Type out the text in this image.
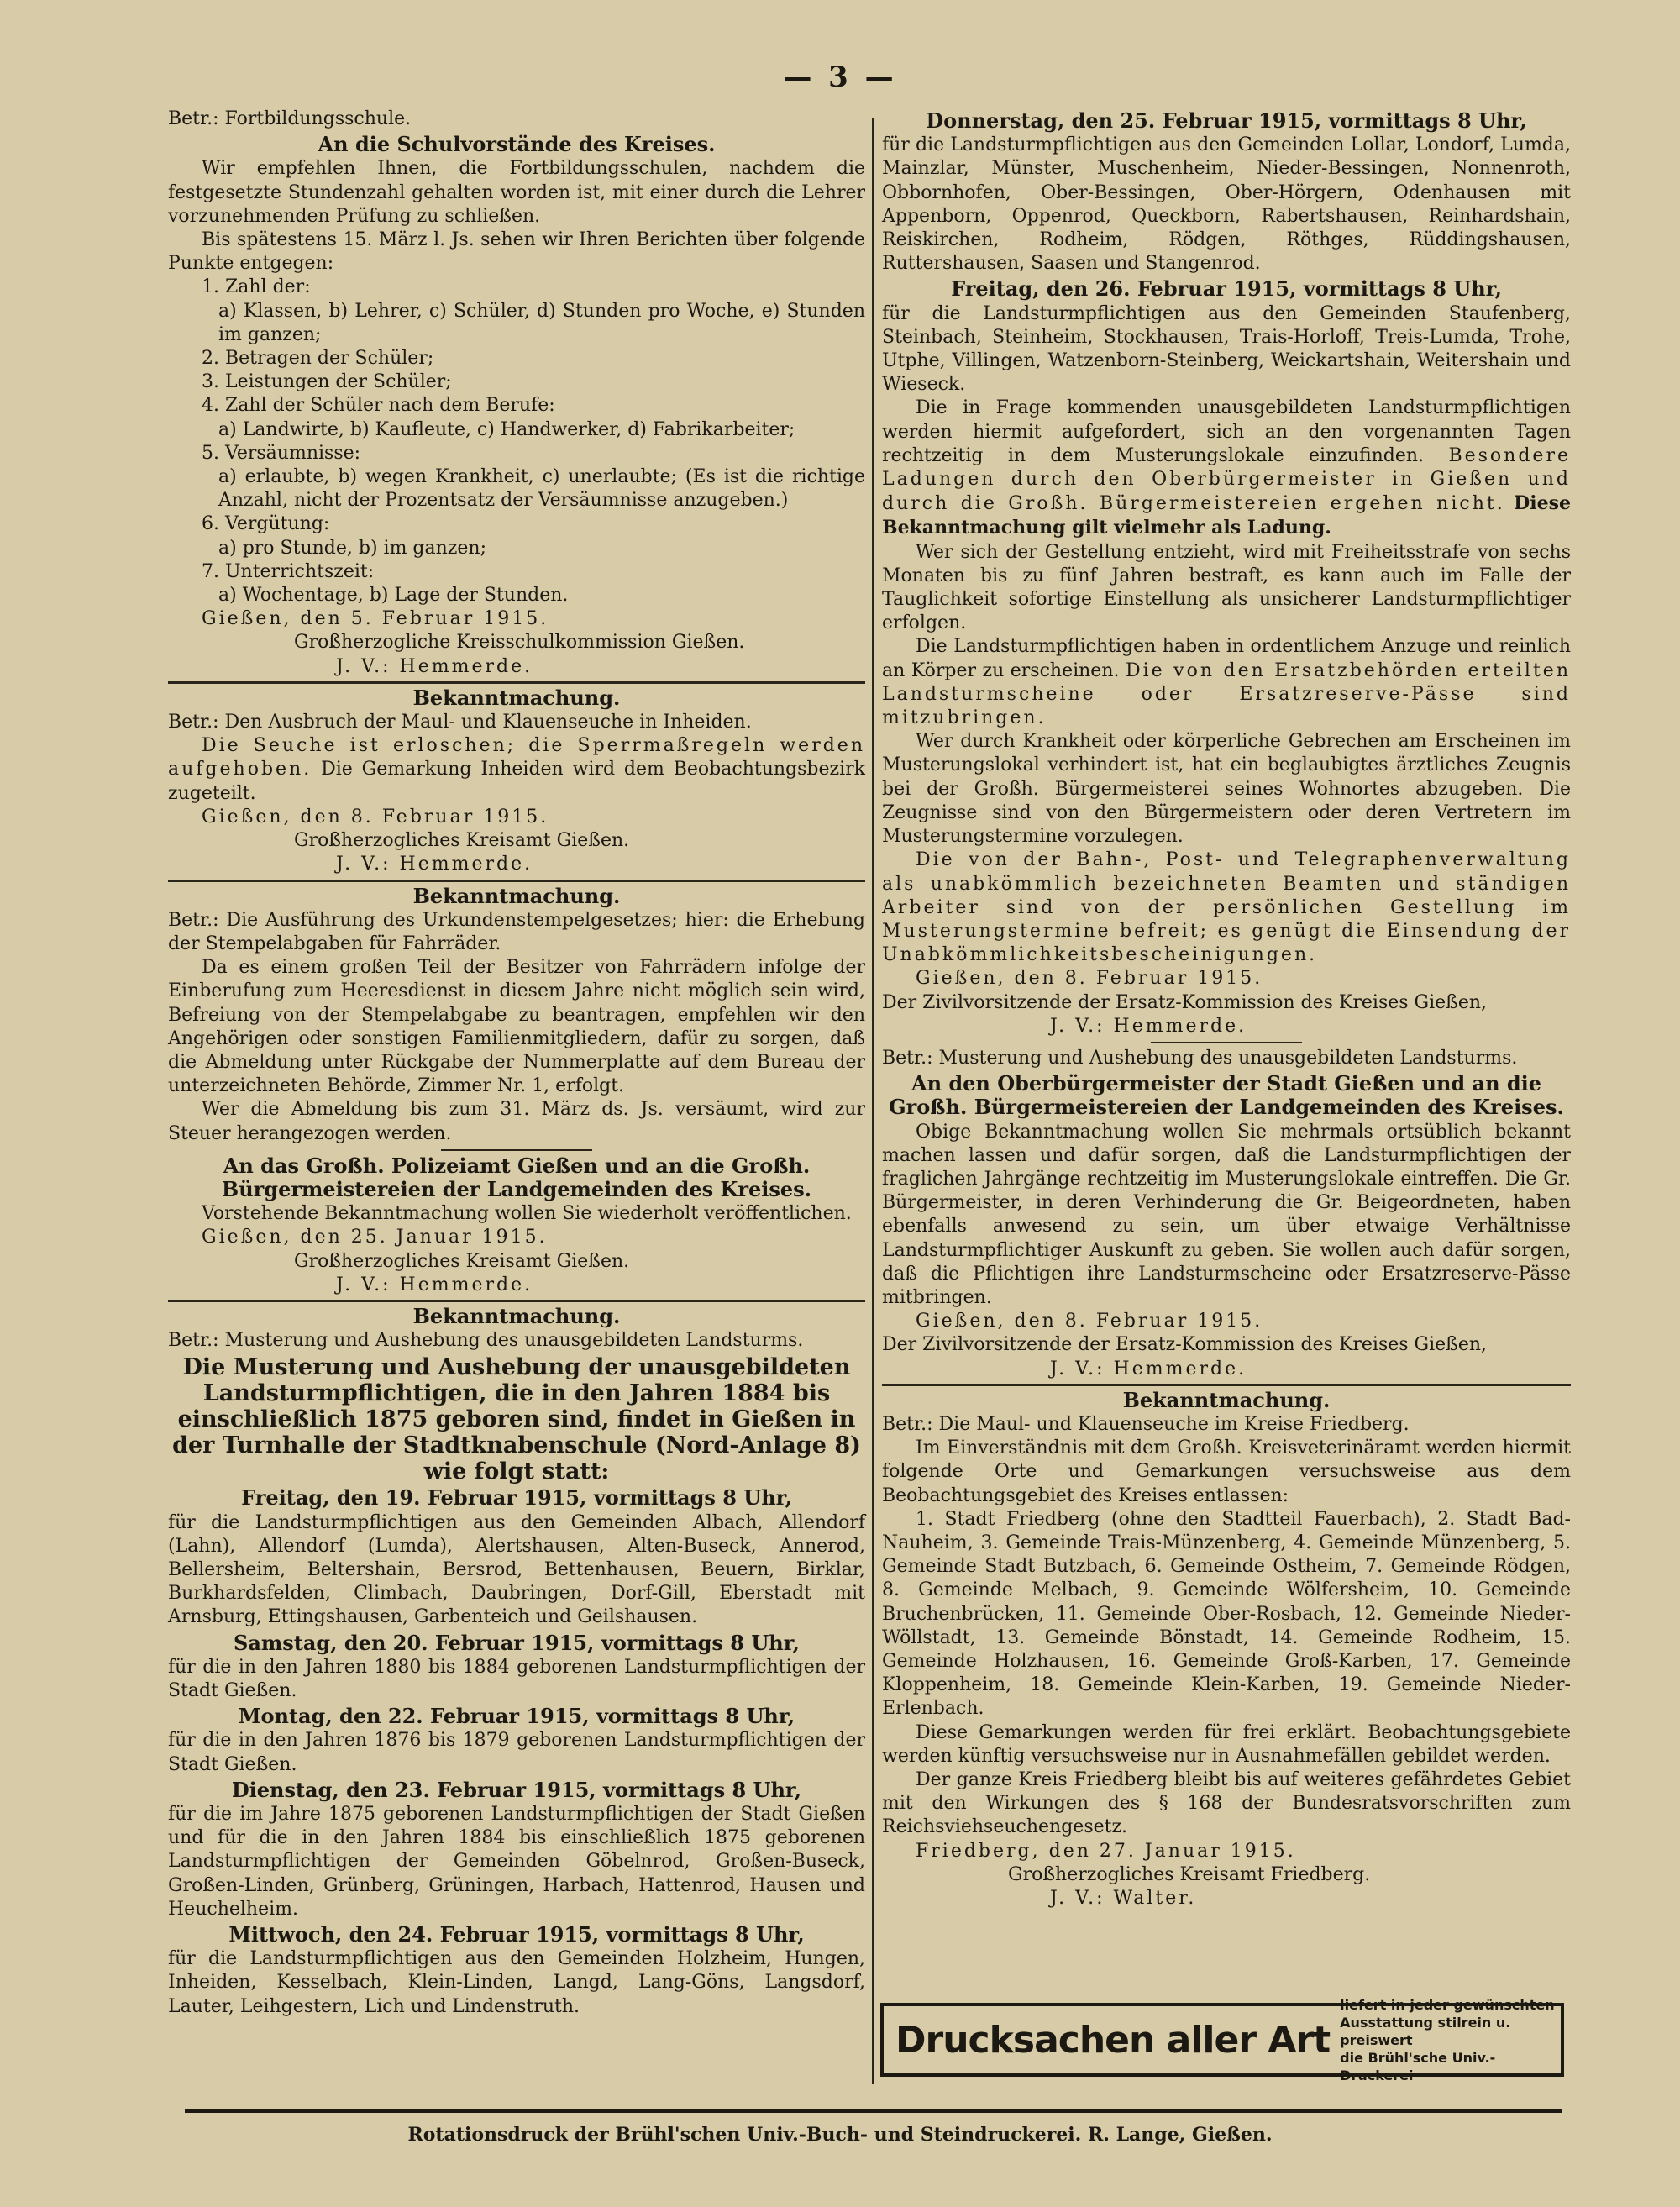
— 3 —

Betr.: Fortbildungsschule.

An die Schulvorstände des Kreises.

Wir empfehlen Ihnen, die Fortbildungsschulen, nachdem die festgesetzte Stundenzahl gehalten worden ist, mit einer durch die Lehrer vorzunehmenden Prüfung zu schließen.

Bis spätestens 15. März l. Js. sehen wir Ihren Berichten über folgende Punkte entgegen:

1. Zahl der:

a) Klassen, b) Lehrer, c) Schüler, d) Stunden pro Woche, e) Stunden im ganzen;

2. Betragen der Schüler;

3. Leistungen der Schüler;

4. Zahl der Schüler nach dem Berufe:

a) Landwirte, b) Kaufleute, c) Handwerker, d) Fabrikarbeiter;

5. Versäumnisse:

a) erlaubte, b) wegen Krankheit, c) unerlaubte; (Es ist die richtige Anzahl, nicht der Prozentsatz der Versäumnisse anzugeben.)

6. Vergütung:

a) pro Stunde, b) im ganzen;

7. Unterrichtszeit:

a) Wochentage, b) Lage der Stunden.

Gießen, den 5. Februar 1915.

Großherzogliche Kreisschulkommission Gießen.

J. V.: Hemmerde.

Bekanntmachung.

Betr.: Den Ausbruch der Maul- und Klauenseuche in Inheiden.

Die Seuche ist erloschen; die Sperrmaßregeln werden aufgehoben. Die Gemarkung Inheiden wird dem Beobachtungsbezirk zugeteilt.

Gießen, den 8. Februar 1915.

Großherzogliches Kreisamt Gießen.

J. V.: Hemmerde.

Bekanntmachung.

Betr.: Die Ausführung des Urkundenstempelgesetzes; hier: die Erhebung der Stempelabgaben für Fahrräder.

Da es einem großen Teil der Besitzer von Fahrrädern infolge der Einberufung zum Heeresdienst in diesem Jahre nicht möglich sein wird, Befreiung von der Stempelabgabe zu beantragen, empfehlen wir den Angehörigen oder sonstigen Familienmitgliedern, dafür zu sorgen, daß die Abmeldung unter Rückgabe der Nummerplatte auf dem Bureau der unterzeichneten Behörde, Zimmer Nr. 1, erfolgt.

Wer die Abmeldung bis zum 31. März ds. Js. versäumt, wird zur Steuer herangezogen werden.

An das Großh. Polizeiamt Gießen und an die Großh. Bürgermeistereien der Landgemeinden des Kreises.

Vorstehende Bekanntmachung wollen Sie wiederholt veröffentlichen.

Gießen, den 25. Januar 1915.

Großherzogliches Kreisamt Gießen.

J. V.: Hemmerde.

Bekanntmachung.

Betr.: Musterung und Aushebung des unausgebildeten Landsturms.

Die Musterung und Aushebung der unausgebildeten Landsturmpflichtigen, die in den Jahren 1884 bis einschließlich 1875 geboren sind, findet in Gießen in der Turnhalle der Stadtknabenschule (Nord-Anlage 8) wie folgt statt:
Freitag, den 19. Februar 1915, vormittags 8 Uhr,

für die Landsturmpflichtigen aus den Gemeinden Albach, Allendorf (Lahn), Allendorf (Lumda), Alertshausen, Alten-Buseck, Annerod, Bellersheim, Beltershain, Bersrod, Bettenhausen, Beuern, Birklar, Burkhardsfelden, Climbach, Daubringen, Dorf-Gill, Eberstadt mit Arnsburg, Ettingshausen, Garbenteich und Geilshausen.

Samstag, den 20. Februar 1915, vormittags 8 Uhr,

für die in den Jahren 1880 bis 1884 geborenen Landsturmpflichtigen der Stadt Gießen.

Montag, den 22. Februar 1915, vormittags 8 Uhr,

für die in den Jahren 1876 bis 1879 geborenen Landsturmpflichtigen der Stadt Gießen.

Dienstag, den 23. Februar 1915, vormittags 8 Uhr,

für die im Jahre 1875 geborenen Landsturmpflichtigen der Stadt Gießen und für die in den Jahren 1884 bis einschließlich 1875 geborenen Landsturmpflichtigen der Gemeinden Göbelnrod, Großen-Buseck, Großen-Linden, Grünberg, Grüningen, Harbach, Hattenrod, Hausen und Heuchelheim.

Mittwoch, den 24. Februar 1915, vormittags 8 Uhr,

für die Landsturmpflichtigen aus den Gemeinden Holzheim, Hungen, Inheiden, Kesselbach, Klein-Linden, Langd, Lang-Göns, Langsdorf, Lauter, Leihgestern, Lich und Lindenstruth.

Donnerstag, den 25. Februar 1915, vormittags 8 Uhr,

für die Landsturmpflichtigen aus den Gemeinden Lollar, Londorf, Lumda, Mainzlar, Münster, Muschenheim, Nieder-Bessingen, Nonnenroth, Obbornhofen, Ober-Bessingen, Ober-Hörgern, Odenhausen mit Appenborn, Oppenrod, Queckborn, Rabertshausen, Reinhardshain, Reiskirchen, Rodheim, Rödgen, Röthges, Rüddingshausen, Ruttershausen, Saasen und Stangenrod.

Freitag, den 26. Februar 1915, vormittags 8 Uhr,

für die Landsturmpflichtigen aus den Gemeinden Staufenberg, Steinbach, Steinheim, Stockhausen, Trais-Horloff, Treis-Lumda, Trohe, Utphe, Villingen, Watzenborn-Steinberg, Weickartshain, Weitershain und Wieseck.

Die in Frage kommenden unausgebildeten Landsturmpflichtigen werden hiermit aufgefordert, sich an den vorgenannten Tagen rechtzeitig in dem Musterungslokale einzufinden. Besondere Ladungen durch den Oberbürgermeister in Gießen und durch die Großh. Bürgermeistereien ergehen nicht. Diese Bekanntmachung gilt vielmehr als Ladung.

Wer sich der Gestellung entzieht, wird mit Freiheitsstrafe von sechs Monaten bis zu fünf Jahren bestraft, es kann auch im Falle der Tauglichkeit sofortige Einstellung als unsicherer Landsturmpflichtiger erfolgen.

Die Landsturmpflichtigen haben in ordentlichem Anzuge und reinlich an Körper zu erscheinen. Die von den Ersatzbehörden erteilten Landsturmscheine oder Ersatzreserve-Pässe sind mitzubringen.

Wer durch Krankheit oder körperliche Gebrechen am Erscheinen im Musterungslokal verhindert ist, hat ein beglaubigtes ärztliches Zeugnis bei der Großh. Bürgermeisterei seines Wohnortes abzugeben. Die Zeugnisse sind von den Bürgermeistern oder deren Vertretern im Musterungstermine vorzulegen.

Die von der Bahn-, Post- und Telegraphenverwaltung als unabkömmlich bezeichneten Beamten und ständigen Arbeiter sind von der persönlichen Gestellung im Musterungstermine befreit; es genügt die Einsendung der Unabkömmlichkeitsbescheinigungen.

Gießen, den 8. Februar 1915.

Der Zivilvorsitzende der Ersatz-Kommission des Kreises Gießen,

J. V.: Hemmerde.

Betr.: Musterung und Aushebung des unausgebildeten Landsturms.

An den Oberbürgermeister der Stadt Gießen und an die Großh. Bürgermeistereien der Landgemeinden des Kreises.

Obige Bekanntmachung wollen Sie mehrmals ortsüblich bekannt machen lassen und dafür sorgen, daß die Landsturmpflichtigen der fraglichen Jahrgänge rechtzeitig im Musterungslokale eintreffen. Die Gr. Bürgermeister, in deren Verhinderung die Gr. Beigeordneten, haben ebenfalls anwesend zu sein, um über etwaige Verhältnisse Landsturmpflichtiger Auskunft zu geben. Sie wollen auch dafür sorgen, daß die Pflichtigen ihre Landsturmscheine oder Ersatzreserve-Pässe mitbringen.

Gießen, den 8. Februar 1915.

Der Zivilvorsitzende der Ersatz-Kommission des Kreises Gießen,

J. V.: Hemmerde.

Bekanntmachung.

Betr.: Die Maul- und Klauenseuche im Kreise Friedberg.

Im Einverständnis mit dem Großh. Kreisveterinäramt werden hiermit folgende Orte und Gemarkungen versuchsweise aus dem Beobachtungsgebiet des Kreises entlassen:

1. Stadt Friedberg (ohne den Stadtteil Fauerbach), 2. Stadt Bad-Nauheim, 3. Gemeinde Trais-Münzenberg, 4. Gemeinde Münzenberg, 5. Gemeinde Stadt Butzbach, 6. Gemeinde Ostheim, 7. Gemeinde Rödgen, 8. Gemeinde Melbach, 9. Gemeinde Wölfersheim, 10. Gemeinde Bruchenbrücken, 11. Gemeinde Ober-Rosbach, 12. Gemeinde Nieder-Wöllstadt, 13. Gemeinde Bönstadt, 14. Gemeinde Rodheim, 15. Gemeinde Holzhausen, 16. Gemeinde Groß-Karben, 17. Gemeinde Kloppenheim, 18. Gemeinde Klein-Karben, 19. Gemeinde Nieder-Erlenbach.

Diese Gemarkungen werden für frei erklärt. Beobachtungsgebiete werden künftig versuchsweise nur in Ausnahmefällen gebildet werden.

Der ganze Kreis Friedberg bleibt bis auf weiteres gefährdetes Gebiet mit den Wirkungen des § 168 der Bundesratsvorschriften zum Reichsviehseuchengesetz.

Friedberg, den 27. Januar 1915.

Großherzogliches Kreisamt Friedberg.

J. V.: Walter.

Drucksachen aller Art
liefert in jeder gewünschten
Ausstattung stilrein u. preiswert
die Brühl'sche Univ.-Druckerei
Rotationsdruck der Brühl'schen Univ.-Buch- und Steindruckerei. R. Lange, Gießen.
